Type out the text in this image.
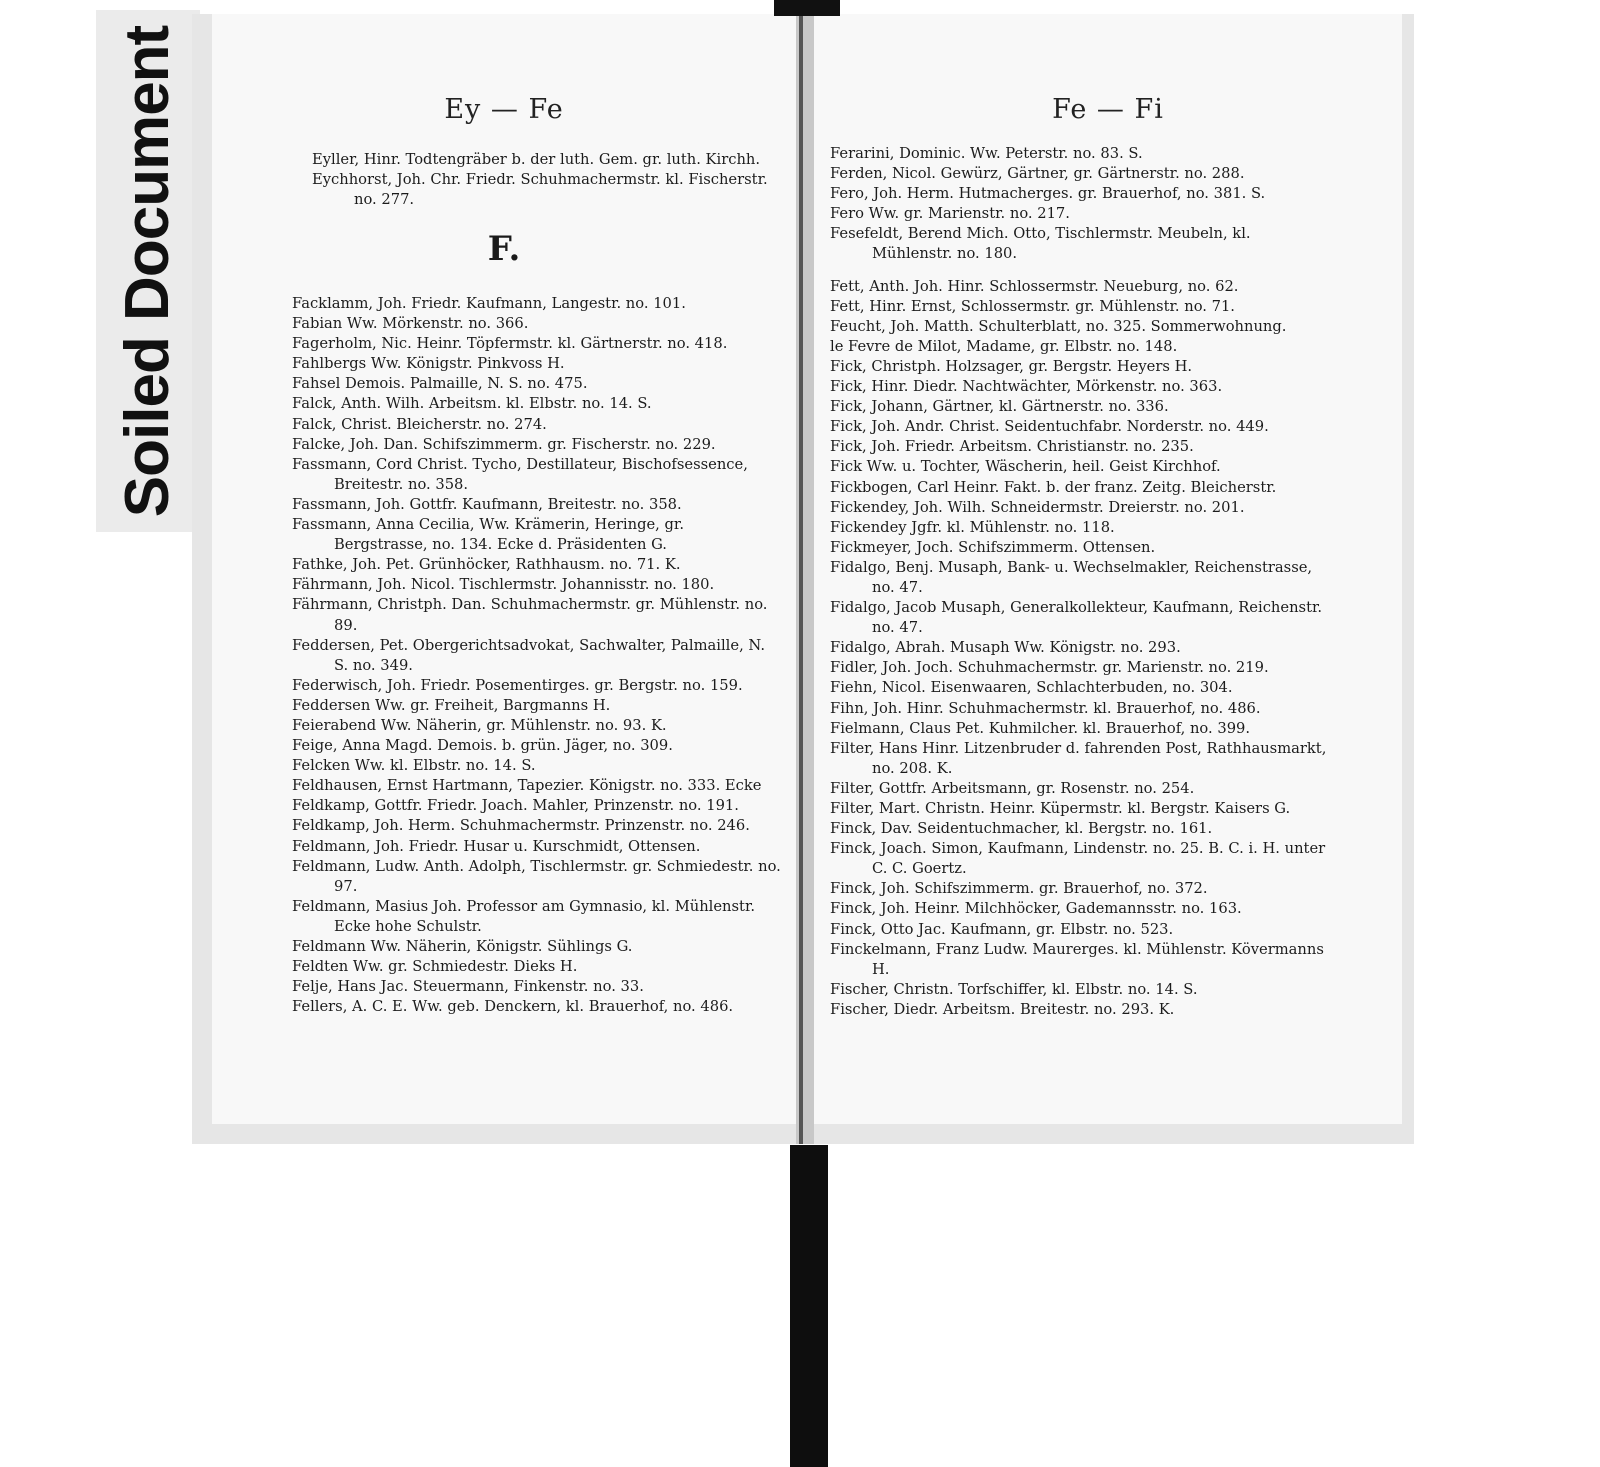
Soiled Document	Ey — Fe

Eyller, Hinr. Todtengräber b. der luth. Gem. gr. luth. Kirchh.

Eychhorst, Joh. Chr. Friedr. Schuhmachermstr. kl. Fischerstr. no. 277.

F.

Facklamm, Joh. Friedr. Kaufmann, Langestr. no. 101.

Fabian Ww. Mörkenstr. no. 366.

Fagerholm, Nic. Heinr. Töpfermstr. kl. Gärtnerstr. no. 418.

Fahlbergs Ww. Königstr. Pinkvoss H.

Fahsel Demois. Palmaille, N. S. no. 475.

Falck, Anth. Wilh. Arbeitsm. kl. Elbstr. no. 14. S.

Falck, Christ. Bleicherstr. no. 274.

Falcke, Joh. Dan. Schifszimmerm. gr. Fischerstr. no. 229.

Fassmann, Cord Christ. Tycho, Destillateur, Bischofsessence, Breitestr. no. 358.

Fassmann, Joh. Gottfr. Kaufmann, Breitestr. no. 358.

Fassmann, Anna Cecilia, Ww. Krämerin, Heringe, gr. Bergstrasse, no. 134. Ecke d. Präsidenten G.

Fathke, Joh. Pet. Grünhöcker, Rathhausm. no. 71. K.

Fährmann, Joh. Nicol. Tischlermstr. Johannisstr. no. 180.

Fährmann, Christph. Dan. Schuhmachermstr. gr. Mühlenstr. no. 89.

Feddersen, Pet. Obergerichtsadvokat, Sachwalter, Palmaille, N. S. no. 349.

Federwisch, Joh. Friedr. Posementirges. gr. Bergstr. no. 159.

Feddersen Ww. gr. Freiheit, Bargmanns H.

Feierabend Ww. Näherin, gr. Mühlenstr. no. 93. K.

Feige, Anna Magd. Demois. b. grün. Jäger, no. 309.

Felcken Ww. kl. Elbstr. no. 14. S.

Feldhausen, Ernst Hartmann, Tapezier. Königstr. no. 333. Ecke

Feldkamp, Gottfr. Friedr. Joach. Mahler, Prinzenstr. no. 191.

Feldkamp, Joh. Herm. Schuhmachermstr. Prinzenstr. no. 246.

Feldmann, Joh. Friedr. Husar u. Kurschmidt, Ottensen.

Feldmann, Ludw. Anth. Adolph, Tischlermstr. gr. Schmiedestr. no. 97.

Feldmann, Masius Joh. Professor am Gymnasio, kl. Mühlenstr. Ecke hohe Schulstr.

Feldmann Ww. Näherin, Königstr. Sühlings G.

Feldten Ww. gr. Schmiedestr. Dieks H.

Felje, Hans Jac. Steuermann, Finkenstr. no. 33.

Fellers, A. C. E. Ww. geb. Denckern, kl. Brauerhof, no. 486.

Fe — Fi

Ferarini, Dominic. Ww. Peterstr. no. 83. S.

Ferden, Nicol. Gewürz, Gärtner, gr. Gärtnerstr. no. 288.

Fero, Joh. Herm. Hutmacherges. gr. Brauerhof, no. 381. S.

Fero Ww. gr. Marienstr. no. 217.

Fesefeldt, Berend Mich. Otto, Tischlermstr. Meubeln, kl. Mühlenstr. no. 180.

Fett, Anth. Joh. Hinr. Schlossermstr. Neueburg, no. 62.

Fett, Hinr. Ernst, Schlossermstr. gr. Mühlenstr. no. 71.

Feucht, Joh. Matth. Schulterblatt, no. 325. Sommerwohnung.

le Fevre de Milot, Madame, gr. Elbstr. no. 148.

Fick, Christph. Holzsager, gr. Bergstr. Heyers H.

Fick, Hinr. Diedr. Nachtwächter, Mörkenstr. no. 363.

Fick, Johann, Gärtner, kl. Gärtnerstr. no. 336.

Fick, Joh. Andr. Christ. Seidentuchfabr. Norderstr. no. 449.

Fick, Joh. Friedr. Arbeitsm. Christianstr. no. 235.

Fick Ww. u. Tochter, Wäscherin, heil. Geist Kirchhof.

Fickbogen, Carl Heinr. Fakt. b. der franz. Zeitg. Bleicherstr.

Fickendey, Joh. Wilh. Schneidermstr. Dreierstr. no. 201.

Fickendey Jgfr. kl. Mühlenstr. no. 118.

Fickmeyer, Joch. Schifszimmerm. Ottensen.

Fidalgo, Benj. Musaph, Bank- u. Wechselmakler, Reichenstrasse, no. 47.

Fidalgo, Jacob Musaph, Generalkollekteur, Kaufmann, Reichenstr. no. 47.

Fidalgo, Abrah. Musaph Ww. Königstr. no. 293.

Fidler, Joh. Joch. Schuhmachermstr. gr. Marienstr. no. 219.

Fiehn, Nicol. Eisenwaaren, Schlachterbuden, no. 304.

Fihn, Joh. Hinr. Schuhmachermstr. kl. Brauerhof, no. 486.

Fielmann, Claus Pet. Kuhmilcher. kl. Brauerhof, no. 399.

Filter, Hans Hinr. Litzenbruder d. fahrenden Post, Rathhausmarkt, no. 208. K.

Filter, Gottfr. Arbeitsmann, gr. Rosenstr. no. 254.

Filter, Mart. Christn. Heinr. Küpermstr. kl. Bergstr. Kaisers G.

Finck, Dav. Seidentuchmacher, kl. Bergstr. no. 161.

Finck, Joach. Simon, Kaufmann, Lindenstr. no. 25. B. C. i. H. unter C. C. Goertz.

Finck, Joh. Schifszimmerm. gr. Brauerhof, no. 372.

Finck, Joh. Heinr. Milchhöcker, Gademannsstr. no. 163.

Finck, Otto Jac. Kaufmann, gr. Elbstr. no. 523.

Finckelmann, Franz Ludw. Maurerges. kl. Mühlenstr. Kövermanns H.

Fischer, Christn. Torfschiffer, kl. Elbstr. no. 14. S.

Fischer, Diedr. Arbeitsm. Breitestr. no. 293. K.
